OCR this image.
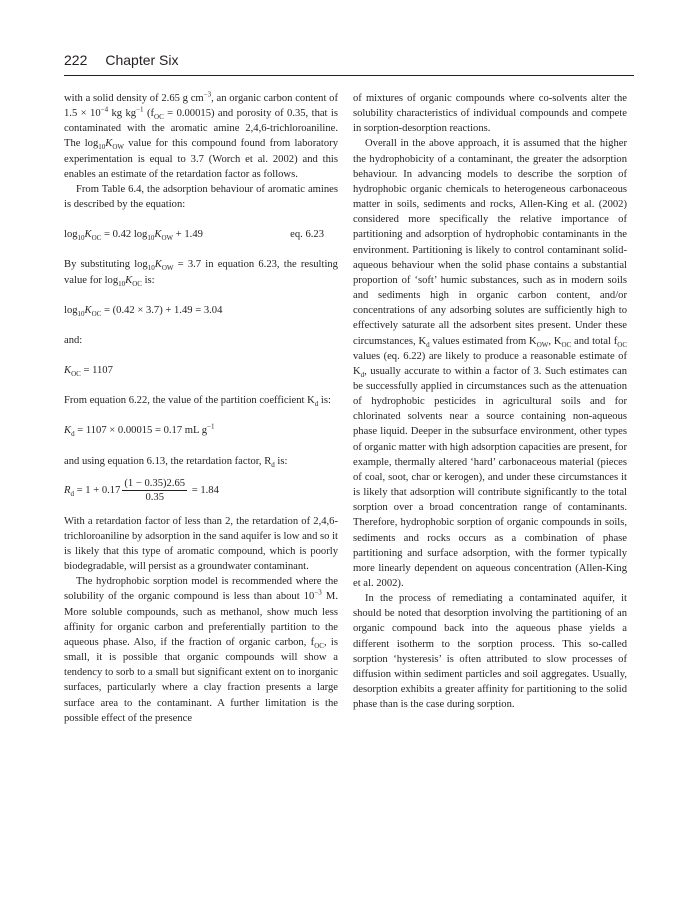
222 Chapter Six

with a solid density of 2.65 g $cm^{-3}$, an organic carbon content of $1.5 \times 10^{-4}$ kg $kg^{-1}$ $(f_{OC} = 0.00015)$ and porosity of 0.35, that is contaminated with the aromatic amine 2,4,6-trichloroaniline. The $\log_{10}K_{OW}$ value for this compound found from laboratory experimentation is equal to 3.7 (Worch et al. 2002) and this enables an estimate of the retardation factor as follows.

From Table 6.4, the adsorption behaviour of aromatic amines is described by the equation:

$\log_{10}K_{OC} = 0.42$ $\log_{10}K_{OW} + 1.49$	eq. 6.23

By substituting $\log_{10}K_{OW} = 3.7$ in equation 6.23, the resulting value for $\log_{10}K_{OC}$ is:

$\log_{10}K_{OC} = (0.42 \times 3.7) + 1.49 = 3.04$

and:

$K_{OC} = 1107$

From equation 6.22, the value of the partition coefficient $K_d$ is:

$K_d = 1107 \times 0.00015 = 0.17$ mL $g^{-1}$

and using equation 6.13, the retardation factor, $R_d$ is:

$R_d = 1 + 0.17 \frac{(1 - 0.35)2.65}{0.35} = 1.84$

With a retardation factor of less than 2, the retardation of 2,4,6-trichloroaniline by adsorption in the sand aquifer is low and so it is likely that this type of aromatic compound, which is poorly biodegradable, will persist as a groundwater contaminant.

The hydrophobic sorption model is recommended where the solubility of the organic compound is less than about $10^{-3}$ M. More soluble compounds, such as methanol, show much less affinity for organic carbon and preferentially partition to the aqueous phase. Also, if the fraction of organic carbon, $f_{OC}$, is small, it is possible that organic compounds will show a tendency to sorb to a small but significant extent on to inorganic surfaces, particularly where a clay fraction presents a large surface area to the contaminant. A further limitation is the possible effect of the presence

of mixtures of organic compounds where co-solvents alter the solubility characteristics of individual compounds and compete in sorption-desorption reactions.

Overall in the above approach, it is assumed that the higher the hydrophobicity of a contaminant, the greater the adsorption behaviour. In advancing models to describe the sorption of hydrophobic organic chemicals to heterogeneous carbonaceous matter in soils, sediments and rocks, Allen-King et al. (2002) considered more specifically the relative importance of partitioning and adsorption of hydrophobic contaminants in the environment. Partitioning is likely to control contaminant solid-aqueous behaviour when the solid phase contains a substantial proportion of ‘soft’ humic substances, such as in modern soils and sediments high in organic carbon content, and/or concentrations of any adsorbing solutes are sufficiently high to effectively saturate all the adsorbent sites present. Under these circumstances, $K_d$ values estimated from $K_{OW}$, $K_{OC}$ and total $f_{OC}$ values (eq. 6.22) are likely to produce a reasonable estimate of $K_d$, usually accurate to within a factor of 3. Such estimates can be successfully applied in circumstances such as the attenuation of hydrophobic pesticides in agricultural soils and for chlorinated solvents near a source containing non-aqueous phase liquid. Deeper in the subsurface environment, other types of organic matter with high adsorption capacities are present, for example, thermally altered ‘hard’ carbonaceous material (pieces of coal, soot, char or kerogen), and under these circumstances it is likely that adsorption will contribute significantly to the total sorption over a broad concentration range of contaminants. Therefore, hydrophobic sorption of organic compounds in soils, sediments and rocks occurs as a combination of phase partitioning and surface adsorption, with the former typically more linearly dependent on aqueous concentration (Allen-King et al. 2002).

In the process of remediating a contaminated aquifer, it should be noted that desorption involving the partitioning of an organic compound back into the aqueous phase yields a different isotherm to the sorption process. This so-called sorption ‘hysteresis’ is often attributed to slow processes of diffusion within sediment particles and soil aggregates. Usually, desorption exhibits a greater affinity for partitioning to the solid phase than is the case during sorption.
